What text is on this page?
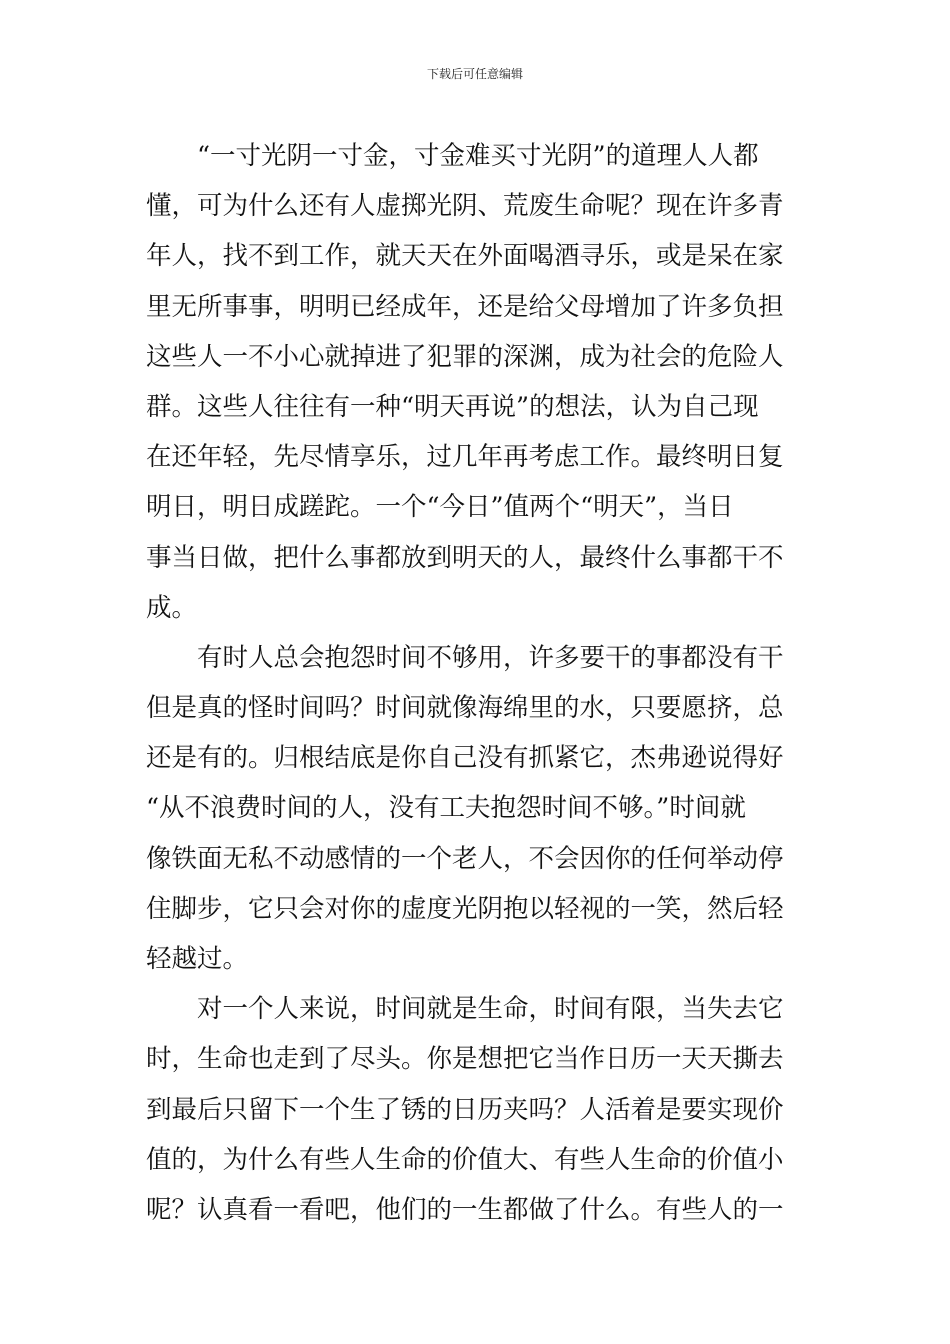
下载后可任意编辑
“一寸光阴一寸金，寸金难买寸光阴”的道理人人都
懂，可为什么还有人虚掷光阴、荒废生命呢？现在许多青
年人，找不到工作，就天天在外面喝酒寻乐，或是呆在家
里无所事事，明明已经成年，还是给父母增加了许多负担
这些人一不小心就掉进了犯罪的深渊，成为社会的危险人
群。这些人往往有一种“明天再说”的想法，认为自己现
在还年轻，先尽情享乐，过几年再考虑工作。最终明日复
明日，明日成蹉跎。一个“今日”值两个“明天”，当日
事当日做，把什么事都放到明天的人，最终什么事都干不
成。
有时人总会抱怨时间不够用，许多要干的事都没有干
但是真的怪时间吗？时间就像海绵里的水，只要愿挤，总
还是有的。归根结底是你自己没有抓紧它，杰弗逊说得好
“从不浪费时间的人，没有工夫抱怨时间不够。”时间就
像铁面无私不动感情的一个老人，不会因你的任何举动停
住脚步，它只会对你的虚度光阴抱以轻视的一笑，然后轻
轻越过。
对一个人来说，时间就是生命，时间有限，当失去它
时，生命也走到了尽头。你是想把它当作日历一天天撕去
到最后只留下一个生了锈的日历夹吗？人活着是要实现价
值的，为什么有些人生命的价值大、有些人生命的价值小
呢？认真看一看吧，他们的一生都做了什么。有些人的一
